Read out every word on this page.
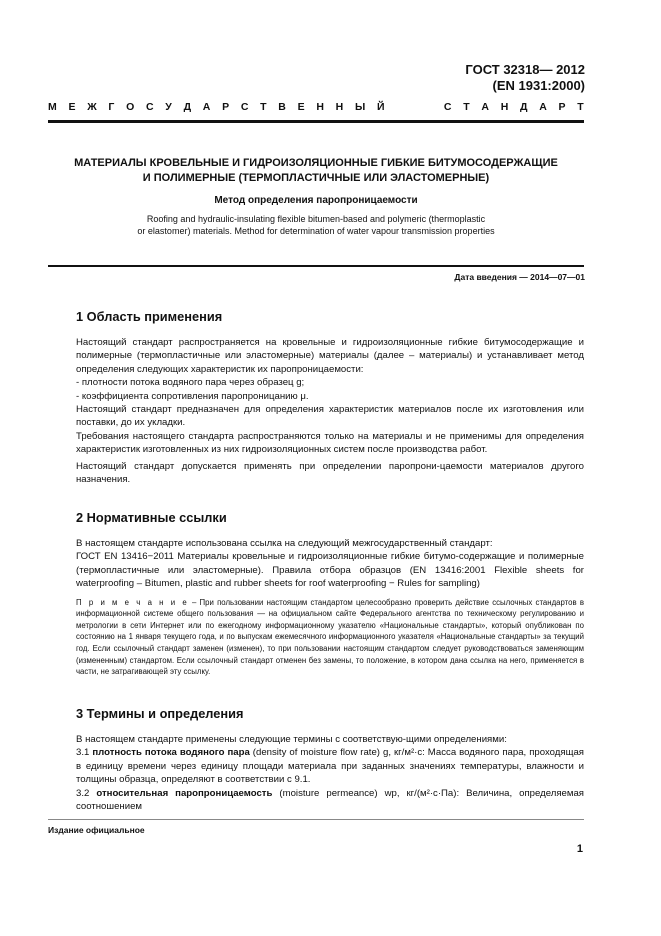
ГОСТ 32318— 2012
(EN 1931:2000)
М Е Ж Г О С У Д А Р С Т В Е Н Н Ы Й	С Т А Н Д А Р Т
МАТЕРИАЛЫ КРОВЕЛЬНЫЕ И ГИДРОИЗОЛЯЦИОННЫЕ ГИБКИЕ БИТУМОСОДЕРЖАЩИЕ
И ПОЛИМЕРНЫЕ (ТЕРМОПЛАСТИЧНЫЕ ИЛИ ЭЛАСТОМЕРНЫЕ)
Метод определения паропроницаемости
Roofing and hydraulic-insulating flexible bitumen-based and polymeric (thermoplastic
or elastomer) materials. Method for determination of water vapour transmission properties
Дата введения — 2014—07—01
1 Область применения

Настоящий стандарт распространяется на кровельные и гидроизоляционные гибкие битумосодержащие и полимерные (термопластичные или эластомерные) материалы (далее – материалы) и устанавливает метод определения следующих характеристик их паропроницаемости:

- плотности потока водяного пара через образец g;

- коэффициента сопротивления паропроницанию μ.

Настоящий стандарт предназначен для определения характеристик материалов после их изготовления или поставки, до их укладки.

Требования настоящего стандарта распространяются только на материалы и не применимы для определения характеристик изготовленных из них гидроизоляционных систем после производства работ.

Настоящий стандарт допускается применять при определении паропрони-цаемости материалов другого назначения.

2 Нормативные ссылки

В настоящем стандарте использована ссылка на следующий межгосударственный стандарт:

ГОСТ EN 13416−2011 Материалы кровельные и гидроизоляционные гибкие битумо-содержащие и полимерные (термопластичные или эластомерные). Правила отбора образцов (EN 13416:2001 Flexible sheets for waterproofing – Bitumen, plastic and rubber sheets for roof waterproofing − Rules for sampling)

П р и м е ч а н и е – При пользовании настоящим стандартом целесообразно проверить действие ссылочных стандартов в информационной системе общего пользования — на официальном сайте Федерального агентства по техническому регулированию и метрологии в сети Интернет или по ежегодному информационному указателю «Национальные стандарты», который опубликован по состоянию на 1 января текущего года, и по выпускам ежемесячного информационного указателя «Национальные стандарты» за текущий год. Если ссылочный стандарт заменен (изменен), то при пользовании настоящим стандартом следует руководствоваться заменяющим (измененным) стандартом. Если ссылочный стандарт отменен без замены, то положение, в котором дана ссылка на него, применяется в части, не затрагивающей эту ссылку.

3 Термины и определения

В настоящем стандарте применены следующие термины с соответствую-щими определениями:

3.1 плотность потока водяного пара (density of moisture flow rate) g, кг/м²·с: Масса водяного пара, проходящая в единицу времени через единицу площади материала при заданных значениях температуры, влажности и толщины образца, определяют в соответствии с 9.1.

3.2 относительная паропроницаемость (moisture permeance) wp, кг/(м²·с·Па): Величина, определяемая соотношением

Издание официальное
1
